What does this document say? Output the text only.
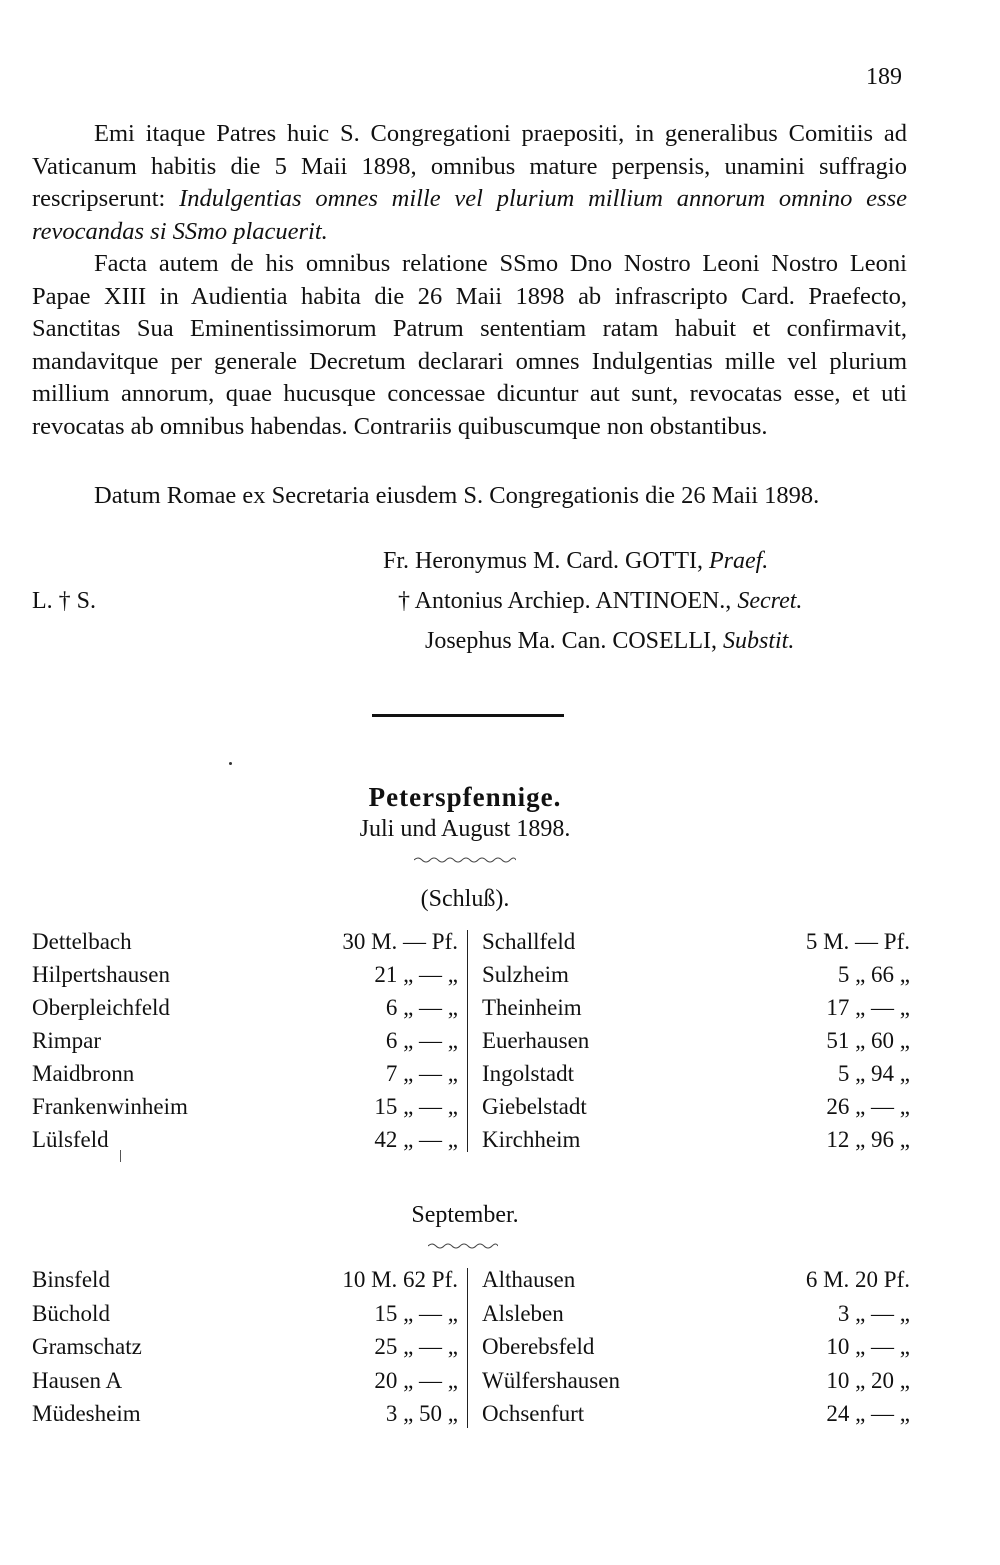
189

Emi itaque Patres huic S. Congregationi praepositi, in generalibus Comitiis ad Vaticanum habitis die 5 Maii 1898, omnibus mature perpensis, unamini suffragio rescripserunt: Indulgentias omnes mille vel plurium millium annorum omnino esse revocandas si SSmo placuerit.

Facta autem de his omnibus relatione SSmo Dno Nostro Leoni Nostro Leoni Papae XIII in Audientia habita die 26 Maii 1898 ab infrascripto Card. Praefecto, Sanctitas Sua Eminentissimorum Patrum sententiam ratam habuit et confirmavit, mandavitque per generale Decretum declarari omnes Indulgentias mille vel plurium millium annorum, quae hucusque concessae dicuntur aut sunt, revocatas esse, et uti revocatas ab omnibus habendas. Contrariis quibuscumque non obstantibus.

Datum Romae ex Secretaria eiusdem S. Congregationis die 26 Maii 1898.

Fr. Heronymus M. Card. GOTTI, Praef.
L. † S.	† Antonius Archiep. ANTINOEN., Secret.
Josephus Ma. Can. COSELLI, Substit.
Peterspfennige.
Juli und August 1898.
(Schluß).
Dettelbach	30 M. — Pf. Schallfeld	5 M. — Pf.
Hilpertshausen	21 „ — „ Sulzheim	5 „ 66 „
Oberpleichfeld	6 „ — „ Theinheim	17 „ — „
Rimpar	6 „ — „ Euerhausen	51 „ 60 „
Maidbronn	7 „ — „ Ingolstadt	5 „ 94 „
Frankenwinheim	15 „ — „ Giebelstadt	26 „ — „
Lülsfeld	42 „ — „ Kirchheim	12 „ 96 „
September.
Binsfeld	10 M. 62 Pf. Althausen	6 M. 20 Pf.
Büchold	15 „ — „ Alsleben	3 „ — „
Gramschatz	25 „ — „ Oberebsfeld	10 „ — „
Hausen A	20 „ — „ Wülfershausen	10 „ 20 „
Müdesheim	3 „ 50 „ Ochsenfurt	24 „ — „
